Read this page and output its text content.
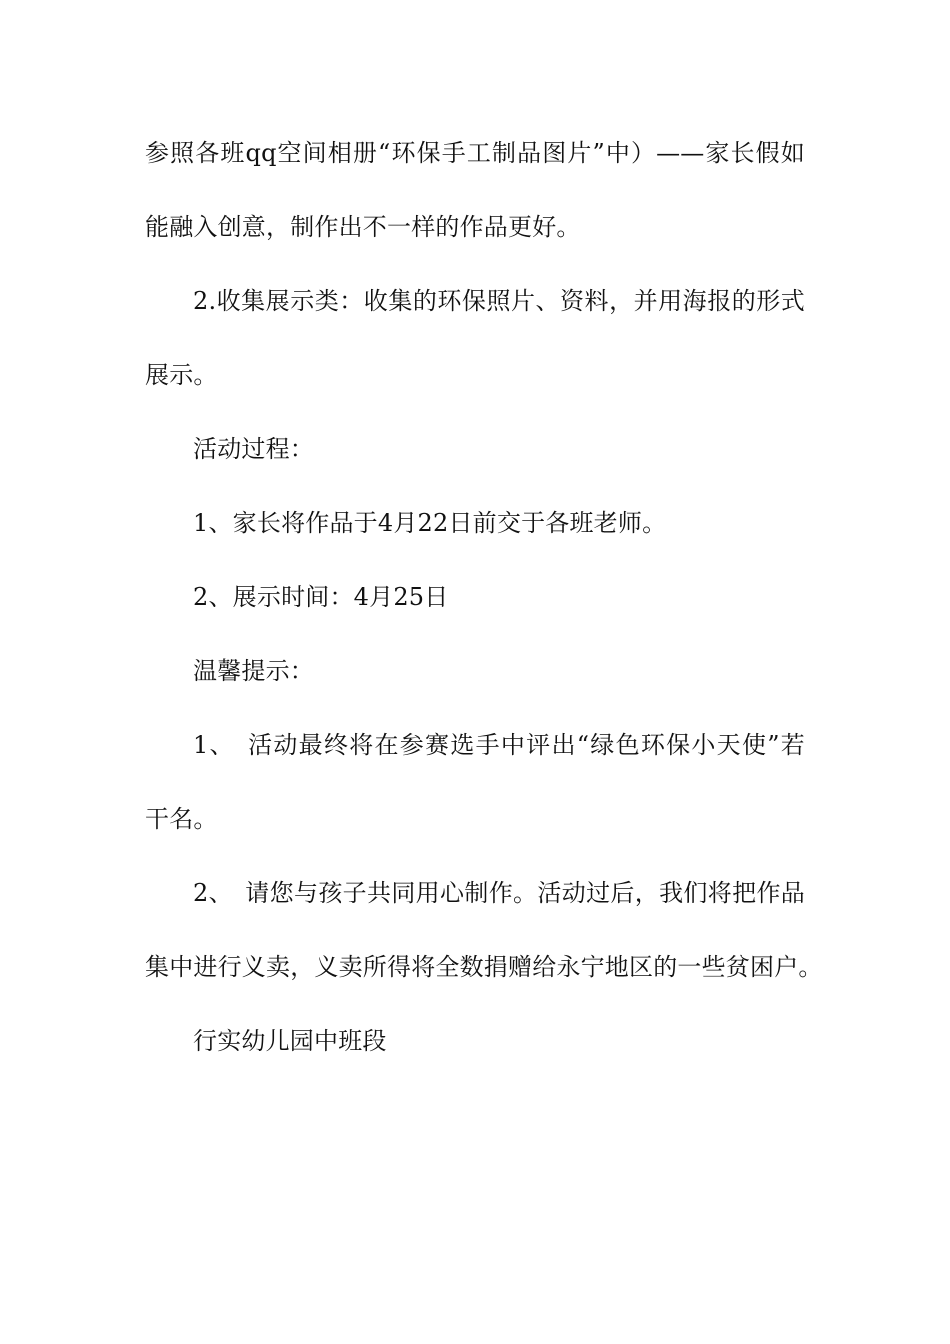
参照各班qq空间相册“环保手工制品图片”中）——家长假如
能融入创意，制作出不一样的作品更好。
2.收集展示类：收集的环保照片、资料，并用海报的形式
展示。
活动过程：
1、家长将作品于4月22日前交于各班老师。
2、展示时间：4月25日
温馨提示：
1、　活动最终将在参赛选手中评出“绿色环保小天使”若
干名。
2、　请您与孩子共同用心制作。活动过后，我们将把作品
集中进行义卖，义卖所得将全数捐赠给永宁地区的一些贫困户。
行实幼儿园中班段
